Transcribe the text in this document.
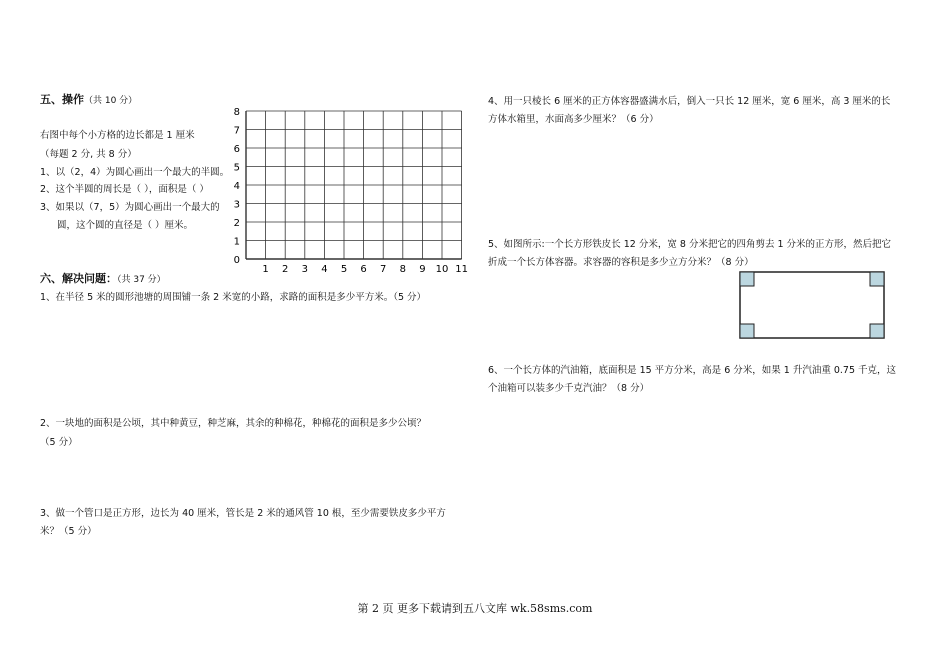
五、操作（共 10 分）
右图中每个小方格的边长都是 1 厘米
（每题 2 分, 共 8 分）
1、以（2，4）为圆心画出一个最大的半圆。
2、这个半圆的周长是（ ），面积是（ ）
3、如果以（7，5）为圆心画出一个最大的
圆，这个圆的直径是（ ）厘米。
1 2 3 4 5 6 7 8 9 10 11
0
1
2
3
4
5
6
7
8
六、解决问题：（共 37 分）
1、在半径 5 米的圆形池塘的周围铺一条 2 米宽的小路，求路的面积是多少平方米。（5 分）
2、一块地的面积是公顷，其中种黄豆，种芝麻，其余的种棉花，种棉花的面积是多少公顷？
（5 分）
3、做一个管口是正方形，边长为 40 厘米，管长是 2 米的通风管 10 根，至少需要铁皮多少平方
米？（5 分）
4、用一只棱长 6 厘米的正方体容器盛满水后，倒入一只长 12 厘米，宽 6 厘米，高 3 厘米的长
方体水箱里，水面高多少厘米？（6 分）
5、如图所示:一个长方形铁皮长 12 分米，宽 8 分米把它的四角剪去 1 分米的正方形，然后把它
折成一个长方体容器。求容器的容积是多少立方分米？（8 分）
6、一个长方体的汽油箱，底面积是 15 平方分米，高是 6 分米，如果 1 升汽油重 0.75 千克，这
个油箱可以装多少千克汽油？（8 分）
第 2 页 更多下载请到五八文库 wk.58sms.com
